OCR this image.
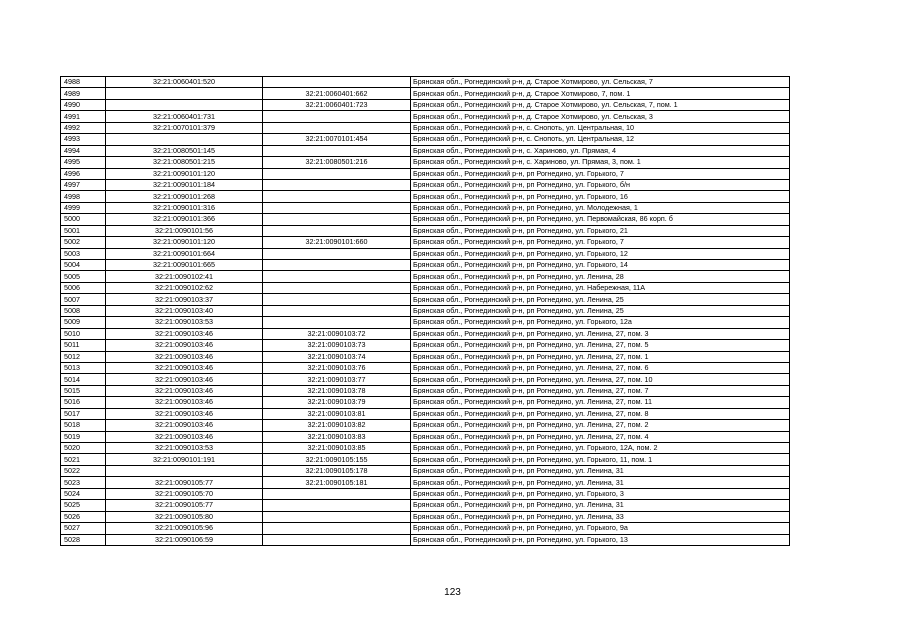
4988	32:21:0060401:520		Брянская обл., Рогнединский р-н, д. Старое Хотмирово, ул. Сельская, 7
4989		32:21:0060401:662	Брянская обл., Рогнединский р-н, д. Старое Хотмирово, 7, пом. 1
4990		32:21:0060401:723	Брянская обл., Рогнединский р-н, д. Старое Хотмирово, ул. Сельская, 7, пом. 1
4991	32:21:0060401:731		Брянская обл., Рогнединский р-н, д. Старое Хотмирово, ул. Сельская, 3
4992	32:21:0070101:379		Брянская обл., Рогнединский р-н, с. Снопоть, ул. Центральная, 10
4993		32:21:0070101:454	Брянская обл., Рогнединский р-н, с. Снопоть, ул. Центральная, 12
4994	32:21:0080501:145		Брянская обл., Рогнединский р-н, с. Хариново, ул. Прямая, 4
4995	32:21:0080501:215	32:21:0080501:216	Брянская обл., Рогнединский р-н, с. Хариново, ул. Прямая, 3, пом. 1
4996	32:21:0090101:120		Брянская обл., Рогнединский р-н, рп Рогнедино, ул. Горького, 7
4997	32:21:0090101:184		Брянская обл., Рогнединский р-н, рп Рогнедино, ул. Горького, б/н
4998	32:21:0090101:268		Брянская обл., Рогнединский р-н, рп Рогнедино, ул. Горького, 16
4999	32:21:0090101:316		Брянская обл., Рогнединский р-н, рп Рогнедино, ул. Молодежная, 1
5000	32:21:0090101:366		Брянская обл., Рогнединский р-н, рп Рогнедино, ул. Первомайская, 86 корп. б
5001	32:21:0090101:56		Брянская обл., Рогнединский р-н, рп Рогнедино, ул. Горького, 21
5002	32:21:0090101:120	32:21:0090101:660	Брянская обл., Рогнединский р-н, рп Рогнедино, ул. Горького, 7
5003	32:21:0090101:664		Брянская обл., Рогнединский р-н, рп Рогнедино, ул. Горького, 12
5004	32:21:0090101:665		Брянская обл., Рогнединский р-н, рп Рогнедино, ул. Горького, 14
5005	32:21:0090102:41		Брянская обл., Рогнединский р-н, рп Рогнедино, ул. Ленина, 28
5006	32:21:0090102:62		Брянская обл., Рогнединский р-н, рп Рогнедино, ул. Набережная, 11А
5007	32:21:0090103:37		Брянская обл., Рогнединский р-н, рп Рогнедино, ул. Ленина, 25
5008	32:21:0090103:40		Брянская обл., Рогнединский р-н, рп Рогнедино, ул. Ленина, 25
5009	32:21:0090103:53		Брянская обл., Рогнединский р-н, рп Рогнедино, ул. Горького, 12а
5010	32:21:0090103:46	32:21:0090103:72	Брянская обл., Рогнединский р-н, рп Рогнедино, ул. Ленина, 27, пом. 3
5011	32:21:0090103:46	32:21:0090103:73	Брянская обл., Рогнединский р-н, рп Рогнедино, ул. Ленина, 27, пом. 5
5012	32:21:0090103:46	32:21:0090103:74	Брянская обл., Рогнединский р-н, рп Рогнедино, ул. Ленина, 27, пом. 1
5013	32:21:0090103:46	32:21:0090103:76	Брянская обл., Рогнединский р-н, рп Рогнедино, ул. Ленина, 27, пом. 6
5014	32:21:0090103:46	32:21:0090103:77	Брянская обл., Рогнединский р-н, рп Рогнедино, ул. Ленина, 27, пом. 10
5015	32:21:0090103:46	32:21:0090103:78	Брянская обл., Рогнединский р-н, рп Рогнедино, ул. Ленина, 27, пом. 7
5016	32:21:0090103:46	32:21:0090103:79	Брянская обл., Рогнединский р-н, рп Рогнедино, ул. Ленина, 27, пом. 11
5017	32:21:0090103:46	32:21:0090103:81	Брянская обл., Рогнединский р-н, рп Рогнедино, ул. Ленина, 27, пом. 8
5018	32:21:0090103:46	32:21:0090103:82	Брянская обл., Рогнединский р-н, рп Рогнедино, ул. Ленина, 27, пом. 2
5019	32:21:0090103:46	32:21:0090103:83	Брянская обл., Рогнединский р-н, рп Рогнедино, ул. Ленина, 27, пом. 4
5020	32:21:0090103:53	32:21:0090103:85	Брянская обл., Рогнединский р-н, рп Рогнедино, ул. Горького, 12А, пом. 2
5021	32:21:0090101:191	32:21:0090105:155	Брянская обл., Рогнединский р-н, рп Рогнедино, ул. Горького, 11, пом. 1
5022		32:21:0090105:178	Брянская обл., Рогнединский р-н, рп Рогнедино, ул. Ленина, 31
5023	32:21:0090105:77	32:21:0090105:181	Брянская обл., Рогнединский р-н, рп Рогнедино, ул. Ленина, 31
5024	32:21:0090105:70		Брянская обл., Рогнединский р-н, рп Рогнедино, ул. Горького, 3
5025	32:21:0090105:77		Брянская обл., Рогнединский р-н, рп Рогнедино, ул. Ленина, 31
5026	32:21:0090105:80		Брянская обл., Рогнединский р-н, рп Рогнедино, ул. Ленина, 33
5027	32:21:0090105:96		Брянская обл., Рогнединский р-н, рп Рогнедино, ул. Горького, 9а
5028	32:21:0090106:59		Брянская обл., Рогнединский р-н, рп Рогнедино, ул. Горького, 13
123
